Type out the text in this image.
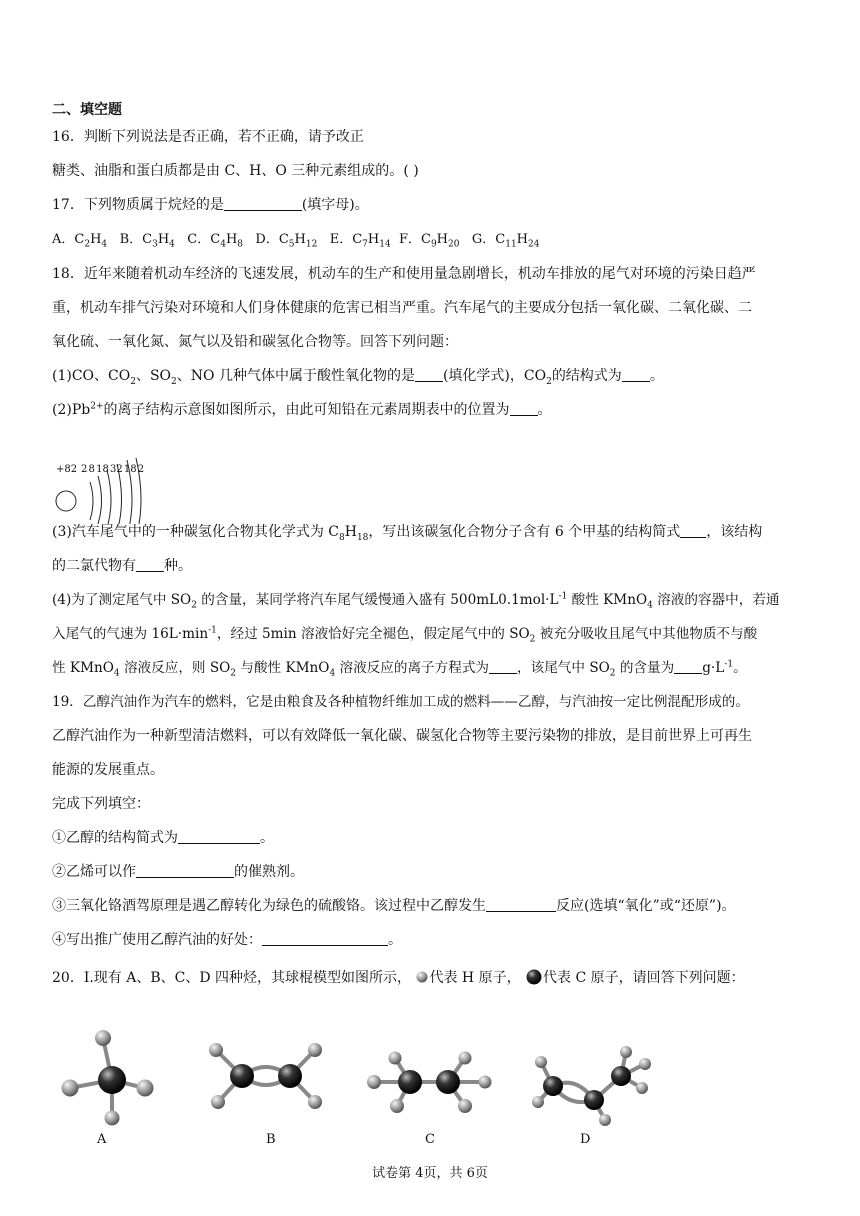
二、填空题
16．判断下列说法是否正确，若不正确，请予改正
糖类、油脂和蛋白质都是由 C、H、O 三种元素组成的。( )
17．下列物质属于烷烃的是	(填字母)。
A．$C_2H_4$ B．$C_3H_4$ C．$C_4H_8$ D．$C_5H_{12}$ E．$C_7H_{14}$ F．$C_9H_{20}$ G．$C_{11}H_{24}$
18．近年来随着机动车经济的飞速发展，机动车的生产和使用量急剧增长，机动车排放的尾气对环境的污染日趋严
重，机动车排气污染对环境和人们身体健康的危害已相当严重。汽车尾气的主要成分包括一氧化碳、二氧化碳、二
氧化硫、一氧化氮、氮气以及铅和碳氢化合物等。回答下列问题：
(1)CO、$CO_2$、$SO_2$、NO 几种气体中属于酸性氧化物的是 (填化学式)，$CO_2$的结构式为 。
$(2)Pb^{2+}$的离子结构示意图如图所示，由此可知铅在元素周期表中的位置为 。
+82 2 8 18 32 18 2
(3)汽车尾气中的一种碳氢化合物其化学式为 $C_8H_{18}$，写出该碳氢化合物分子含有 6 个甲基的结构简式 ，该结构
的二氯代物有 种。
(4)为了测定尾气中 $SO_2$ 的含量，某同学将汽车尾气缓慢通入盛有 $500mL0.1mol\cdot L^{-1}$ 酸性 KMnO$_4$ 溶液的容器中，若通
入尾气的气速为 $16L\cdot\min^{-1}$，经过 5min 溶液恰好完全褪色，假定尾气中的 $SO_2$ 被充分吸收且尾气中其他物质不与酸
性 KMnO$_4$ 溶液反应，则 $SO_2$ 与酸性 KMnO$_4$ 溶液反应的离子方程式为 ，该尾气中 $SO_2$ 的含量为 $g\cdot L^{-1}$。
19．乙醇汽油作为汽车的燃料，它是由粮食及各种植物纤维加工成的燃料——乙醇，与汽油按一定比例混配形成的。
乙醇汽油作为一种新型清洁燃料，可以有效降低一氧化碳、碳氢化合物等主要污染物的排放，是目前世界上可再生
能源的发展重点。
完成下列填空：
①乙醇的结构简式为	。
②乙烯可以作	的催熟剂。
③三氧化铬酒驾原理是遇乙醇转化为绿色的硫酸铬。该过程中乙醇发生	反应(选填“氧化”或“还原”)。
④写出推广使用乙醇汽油的好处：	。
20．I.现有 A、B、C、D 四种烃，其球棍模型如图所示， 代表 H 原子， 代表 C 原子，请回答下列问题：
A	B	C	D
试卷第 4页，共 6页
